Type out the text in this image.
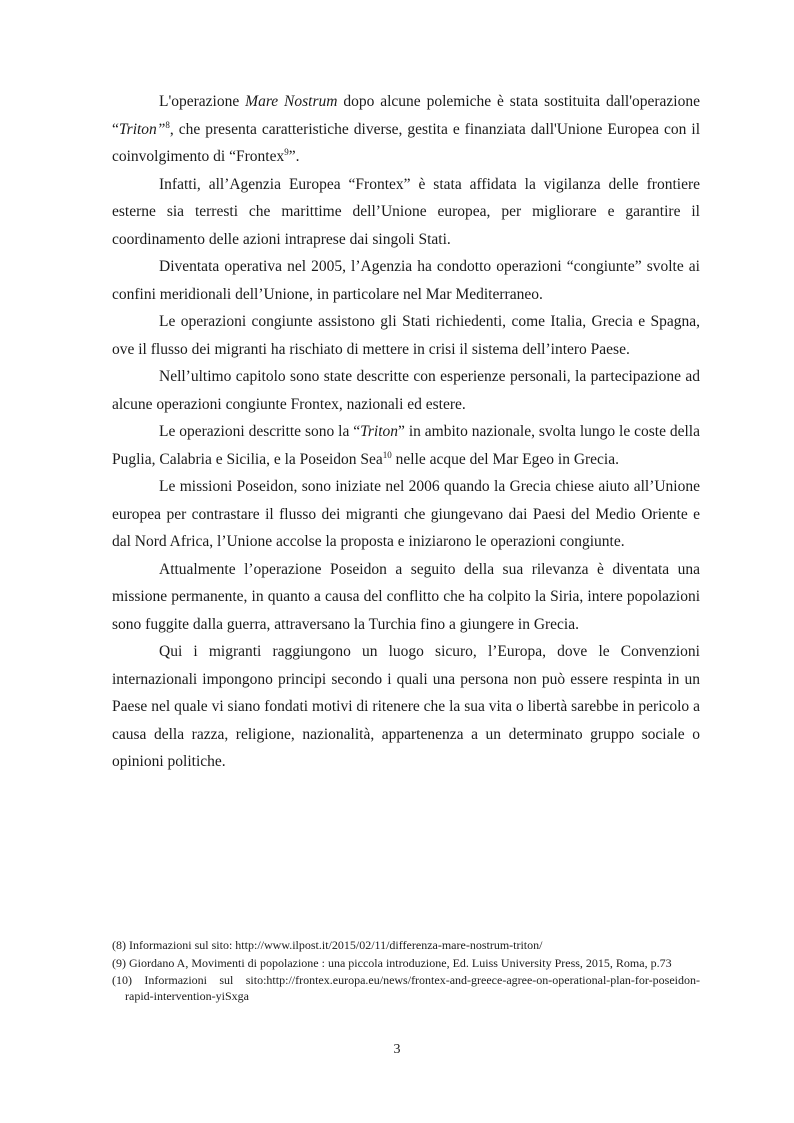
L'operazione Mare Nostrum dopo alcune polemiche è stata sostituita dall'operazione “Triton”$^8$, che presenta caratteristiche diverse, gestita e finanziata dall'Unione Europea con il coinvolgimento di “Frontex$^9$”.

Infatti, all’Agenzia Europea “Frontex” è stata affidata la vigilanza delle frontiere esterne sia terresti che marittime dell’Unione europea, per migliorare e garantire il coordinamento delle azioni intraprese dai singoli Stati.

Diventata operativa nel 2005, l’Agenzia ha condotto operazioni “congiunte” svolte ai confini meridionali dell’Unione, in particolare nel Mar Mediterraneo.

Le operazioni congiunte assistono gli Stati richiedenti, come Italia, Grecia e Spagna, ove il flusso dei migranti ha rischiato di mettere in crisi il sistema dell’intero Paese.

Nell’ultimo capitolo sono state descritte con esperienze personali, la partecipazione ad alcune operazioni congiunte Frontex, nazionali ed estere.

Le operazioni descritte sono la “Triton” in ambito nazionale, svolta lungo le coste della Puglia, Calabria e Sicilia, e la Poseidon Sea$^{10}$ nelle acque del Mar Egeo in Grecia.

Le missioni Poseidon, sono iniziate nel 2006 quando la Grecia chiese aiuto all’Unione europea per contrastare il flusso dei migranti che giungevano dai Paesi del Medio Oriente e dal Nord Africa, l’Unione accolse la proposta e iniziarono le operazioni congiunte.

Attualmente l’operazione Poseidon a seguito della sua rilevanza è diventata una missione permanente, in quanto a causa del conflitto che ha colpito la Siria, intere popolazioni sono fuggite dalla guerra, attraversano la Turchia fino a giungere in Grecia.

Qui i migranti raggiungono un luogo sicuro, l’Europa, dove le Convenzioni internazionali impongono principi secondo i quali una persona non può essere respinta in un Paese nel quale vi siano fondati motivi di ritenere che la sua vita o libertà sarebbe in pericolo a causa della razza, religione, nazionalità, appartenenza a un determinato gruppo sociale o opinioni politiche.

(8) Informazioni sul sito: http://www.ilpost.it/2015/02/11/differenza-mare-nostrum-triton/

(9) Giordano A, Movimenti di popolazione : una piccola introduzione, Ed. Luiss University Press, 2015, Roma, p.73

(10) Informazioni sul sito:http://frontex.europa.eu/news/frontex-and-greece-agree-on-operational-plan-for-poseidon-rapid-intervention-yiSxga

3
